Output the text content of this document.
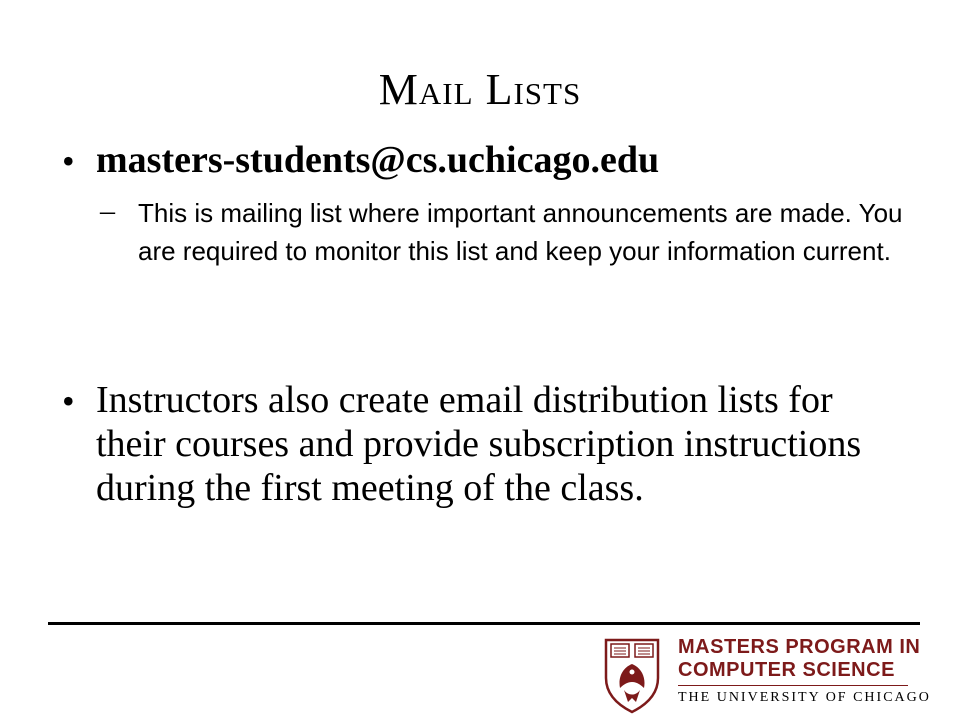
Mail Lists
• masters-students@cs.uchicago.edu
– This is mailing list where important announcements are made. You are required to monitor this list and keep your information current.
• Instructors also create email distribution lists for their courses and provide subscription instructions during the first meeting of the class.
MASTERS PROGRAM IN
COMPUTER SCIENCE
THE UNIVERSITY OF CHICAGO
